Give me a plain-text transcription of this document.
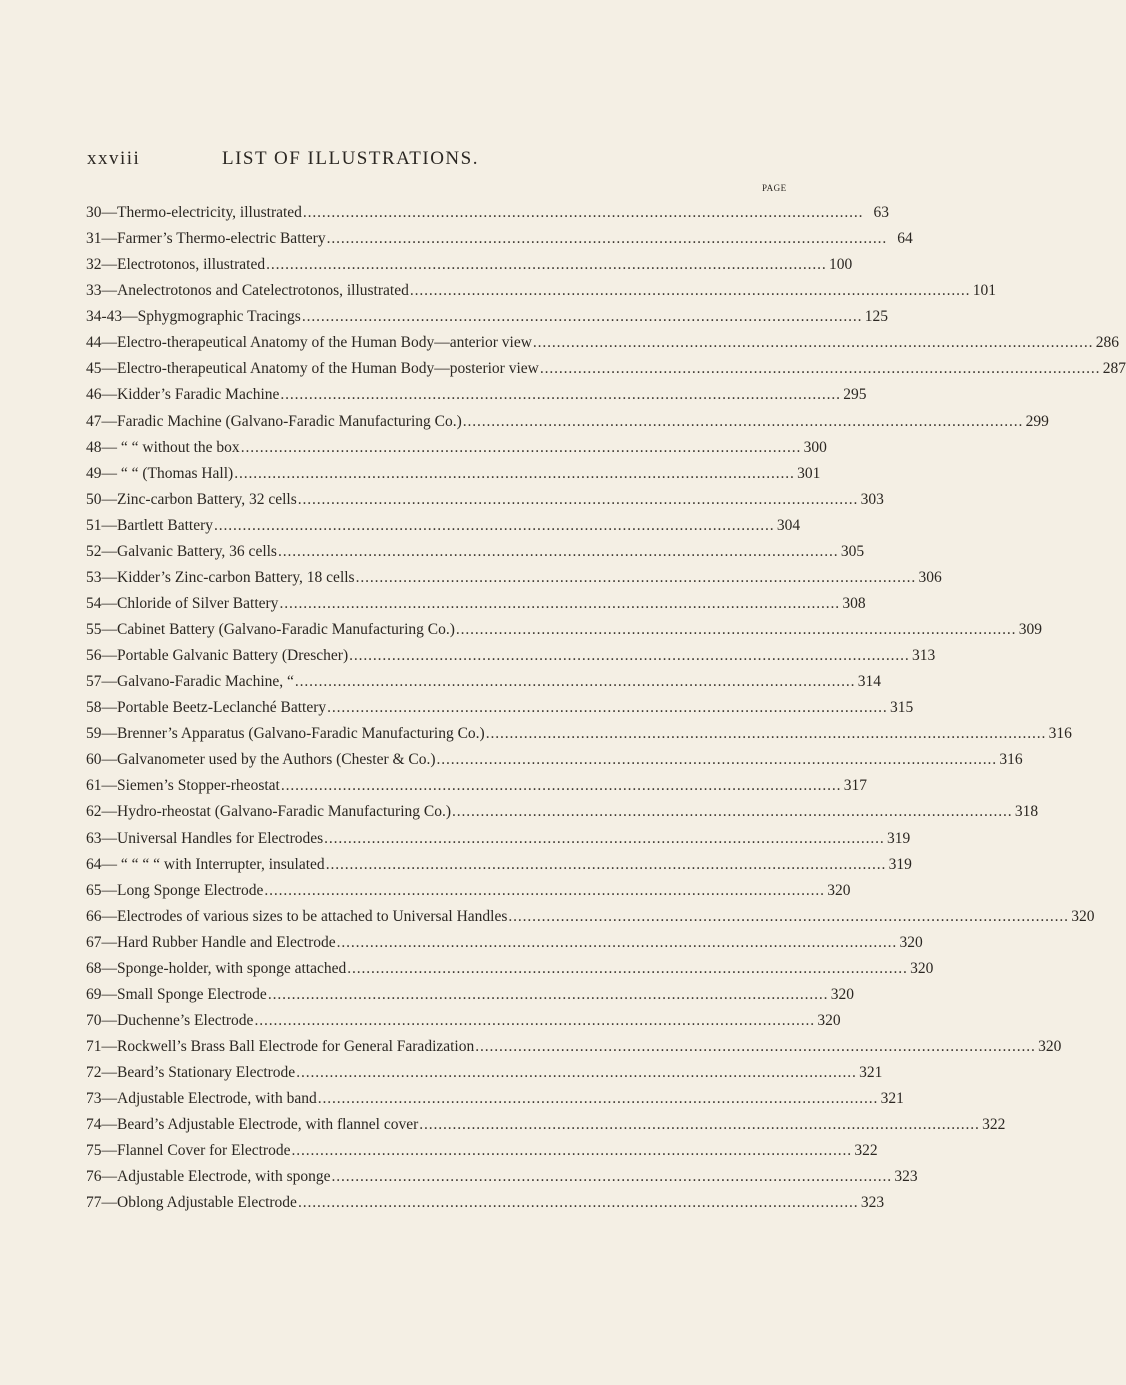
xxviii	LIST OF ILLUSTRATIONS.
PAGE
30—Thermo-electricity, illustrated . . .	63
31—Farmer’s Thermo-electric Battery . . .	64
32—Electrotonos, illustrated . . .	100
33—Anelectrotonos and Catelectrotonos, illustrated . . .	101
34-43—Sphygmographic Tracings . . .	125
44—Electro-therapeutical Anatomy of the Human Body—anterior view . . .	286
45—Electro-therapeutical Anatomy of the Human Body—posterior view . . .	287
46—Kidder’s Faradic Machine . . .	295
47—Faradic Machine (Galvano-Faradic Manufacturing Co.) . . .	299
48— “ “ without the box . . .	300
49— “ “ (Thomas Hall) . . .	301
50—Zinc-carbon Battery, 32 cells . . .	303
51—Bartlett Battery . . .	304
52—Galvanic Battery, 36 cells . . .	305
53—Kidder’s Zinc-carbon Battery, 18 cells . . .	306
54—Chloride of Silver Battery . . .	308
55—Cabinet Battery (Galvano-Faradic Manufacturing Co.) . . .	309
56—Portable Galvanic Battery (Drescher) . . .	313
57—Galvano-Faradic Machine, “ . . .	314
58—Portable Beetz-Leclanché Battery . . .	315
59—Brenner’s Apparatus (Galvano-Faradic Manufacturing Co.) . . .	316
60—Galvanometer used by the Authors (Chester & Co.) . . .	316
61—Siemen’s Stopper-rheostat . . .	317
62—Hydro-rheostat (Galvano-Faradic Manufacturing Co.) . . .	318
63—Universal Handles for Electrodes . . .	319
64— “ “ “ “ with Interrupter, insulated . . .	319
65—Long Sponge Electrode . . .	320
66—Electrodes of various sizes to be attached to Universal Handles . . .	320
67—Hard Rubber Handle and Electrode . . .	320
68—Sponge-holder, with sponge attached . . .	320
69—Small Sponge Electrode . . .	320
70—Duchenne’s Electrode . . .	320
71—Rockwell’s Brass Ball Electrode for General Faradization . . .	320
72—Beard’s Stationary Electrode . . .	321
73—Adjustable Electrode, with band . . .	321
74—Beard’s Adjustable Electrode, with flannel cover . . .	322
75—Flannel Cover for Electrode . . .	322
76—Adjustable Electrode, with sponge . . .	323
77—Oblong Adjustable Electrode . . .	323
